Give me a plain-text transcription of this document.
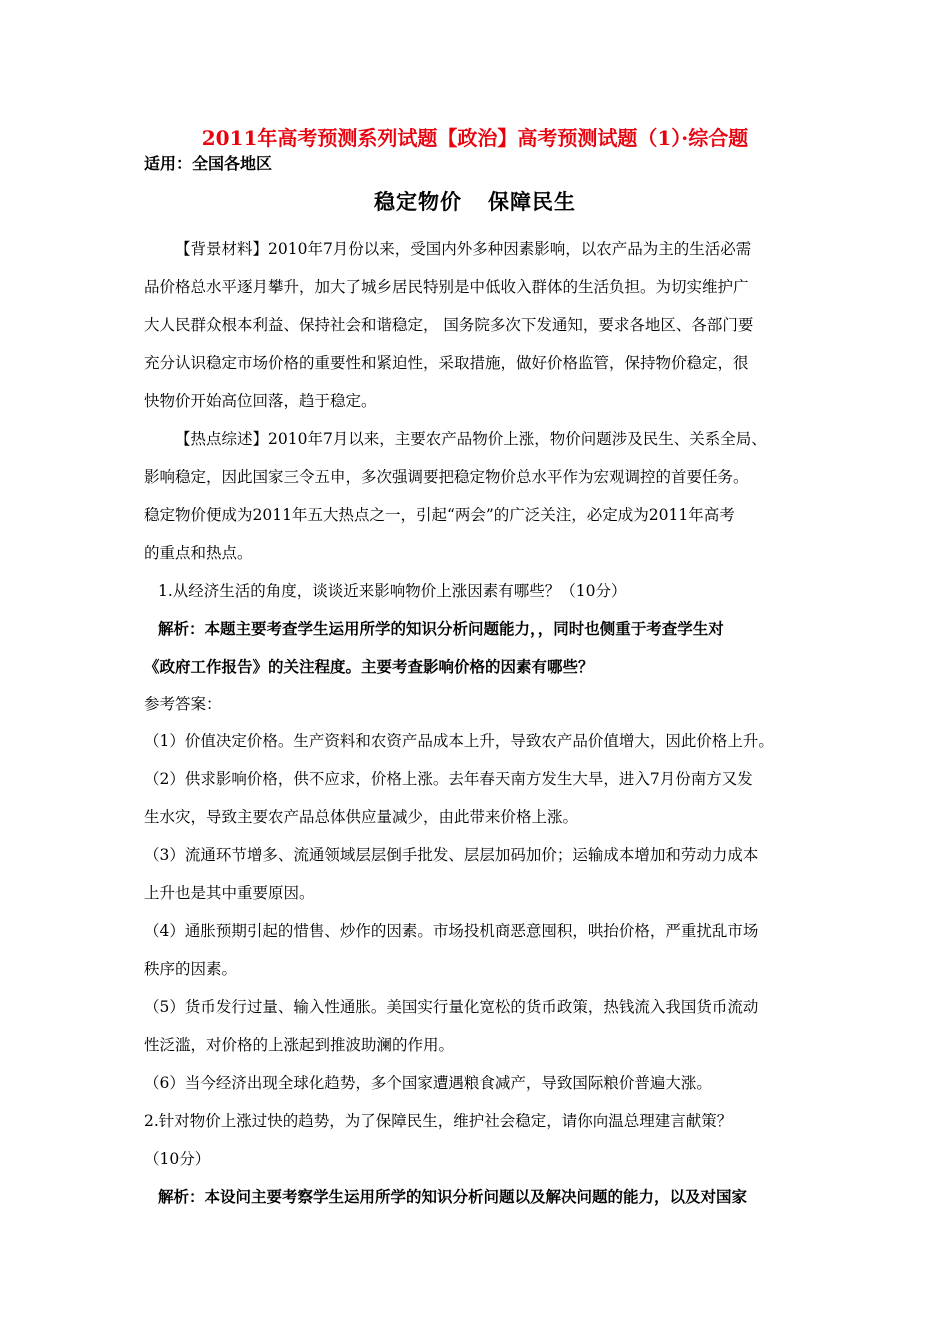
2011年高考预测系列试题【政治】高考预测试题（1）·综合题
适用：全国各地区
稳定物价 保障民生
【背景材料】2010年7月份以来，受国内外多种因素影响，以农产品为主的生活必需
品价格总水平逐月攀升，加大了城乡居民特别是中低收入群体的生活负担。为切实维护广
大人民群众根本利益、保持社会和谐稳定， 国务院多次下发通知，要求各地区、各部门要
充分认识稳定市场价格的重要性和紧迫性，采取措施，做好价格监管，保持物价稳定，很
快物价开始高位回落，趋于稳定。
【热点综述】2010年7月以来，主要农产品物价上涨，物价问题涉及民生、关系全局、
影响稳定，因此国家三令五申，多次强调要把稳定物价总水平作为宏观调控的首要任务。
稳定物价便成为2011年五大热点之一，引起“两会”的广泛关注，必定成为2011年高考
的重点和热点。
1.从经济生活的角度，谈谈近来影响物价上涨因素有哪些？（10分）
解析：本题主要考查学生运用所学的知识分析问题能力，，同时也侧重于考查学生对
《政府工作报告》的关注程度。主要考查影响价格的因素有哪些？
参考答案：
（1）价值决定价格。生产资料和农资产品成本上升，导致农产品价值增大，因此价格上升。
（2）供求影响价格，供不应求，价格上涨。去年春天南方发生大旱，进入7月份南方又发
生水灾，导致主要农产品总体供应量减少，由此带来价格上涨。
（3）流通环节增多、流通领域层层倒手批发、层层加码加价；运输成本增加和劳动力成本
上升也是其中重要原因。
（4）通胀预期引起的惜售、炒作的因素。市场投机商恶意囤积，哄抬价格，严重扰乱市场
秩序的因素。
（5）货币发行过量、输入性通胀。美国实行量化宽松的货币政策，热钱流入我国货币流动
性泛滥，对价格的上涨起到推波助澜的作用。
（6）当今经济出现全球化趋势，多个国家遭遇粮食减产，导致国际粮价普遍大涨。
2.针对物价上涨过快的趋势，为了保障民生，维护社会稳定，请你向温总理建言献策？
（10分）
解析：本设问主要考察学生运用所学的知识分析问题以及解决问题的能力，以及对国家
